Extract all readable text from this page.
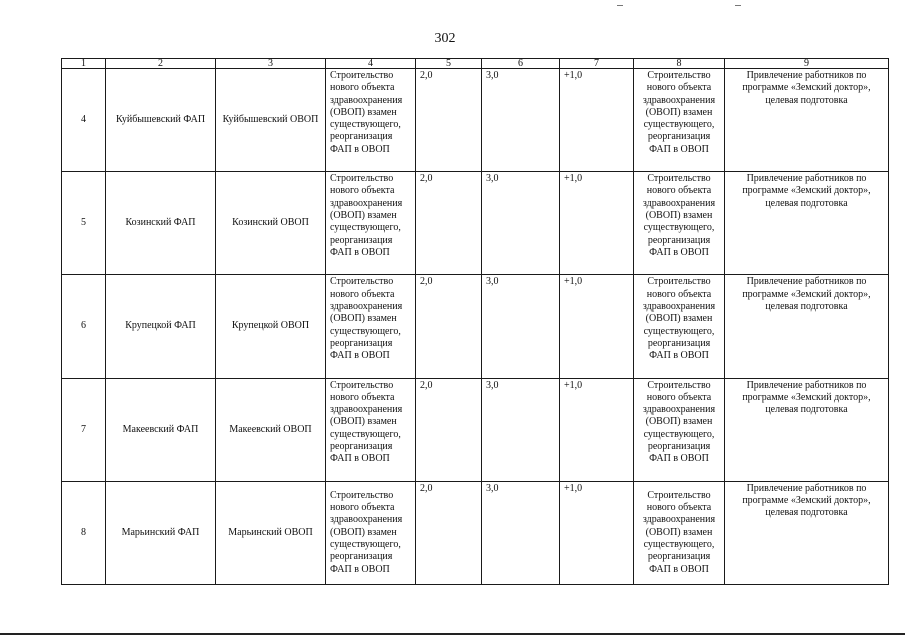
302
1	2	3	4	5	6	7	8	9
4	Куйбышевский ФАП	Куйбышевский ОВОП	Строительство нового объекта здравоохранения (ОВОП) взамен существующего, реорганизация ФАП в ОВОП	2,0	3,0	+1,0	Строительство нового объекта здравоохранения (ОВОП) взамен существующего, реорганизация ФАП в ОВОП	Привлечение работников по программе «Земский доктор», целевая подготовка
5	Козинский ФАП	Козинский ОВОП	Строительство нового объекта здравоохранения (ОВОП) взамен существующего, реорганизация ФАП в ОВОП	2,0	3,0	+1,0	Строительство нового объекта здравоохранения (ОВОП) взамен существующего, реорганизация ФАП в ОВОП	Привлечение работников по программе «Земский доктор», целевая подготовка
6	Крупецкой ФАП	Крупецкой ОВОП	Строительство нового объекта здравоохранения (ОВОП) взамен существующего, реорганизация ФАП в ОВОП	2,0	3,0	+1,0	Строительство нового объекта здравоохранения (ОВОП) взамен существующего, реорганизация ФАП в ОВОП	Привлечение работников по программе «Земский доктор», целевая подготовка
7	Макеевский ФАП	Макеевский ОВОП	Строительство нового объекта здравоохранения (ОВОП) взамен существующего, реорганизация ФАП в ОВОП	2,0	3,0	+1,0	Строительство нового объекта здравоохранения (ОВОП) взамен существующего, реорганизация ФАП в ОВОП	Привлечение работников по программе «Земский доктор», целевая подготовка
8	Марьинский ФАП	Марьинский ОВОП	Строительство нового объекта здравоохранения (ОВОП) взамен существующего, реорганизация ФАП в ОВОП	2,0	3,0	+1,0	Строительство нового объекта здравоохранения (ОВОП) взамен существующего, реорганизация ФАП в ОВОП	Привлечение работников по программе «Земский доктор», целевая подготовка
